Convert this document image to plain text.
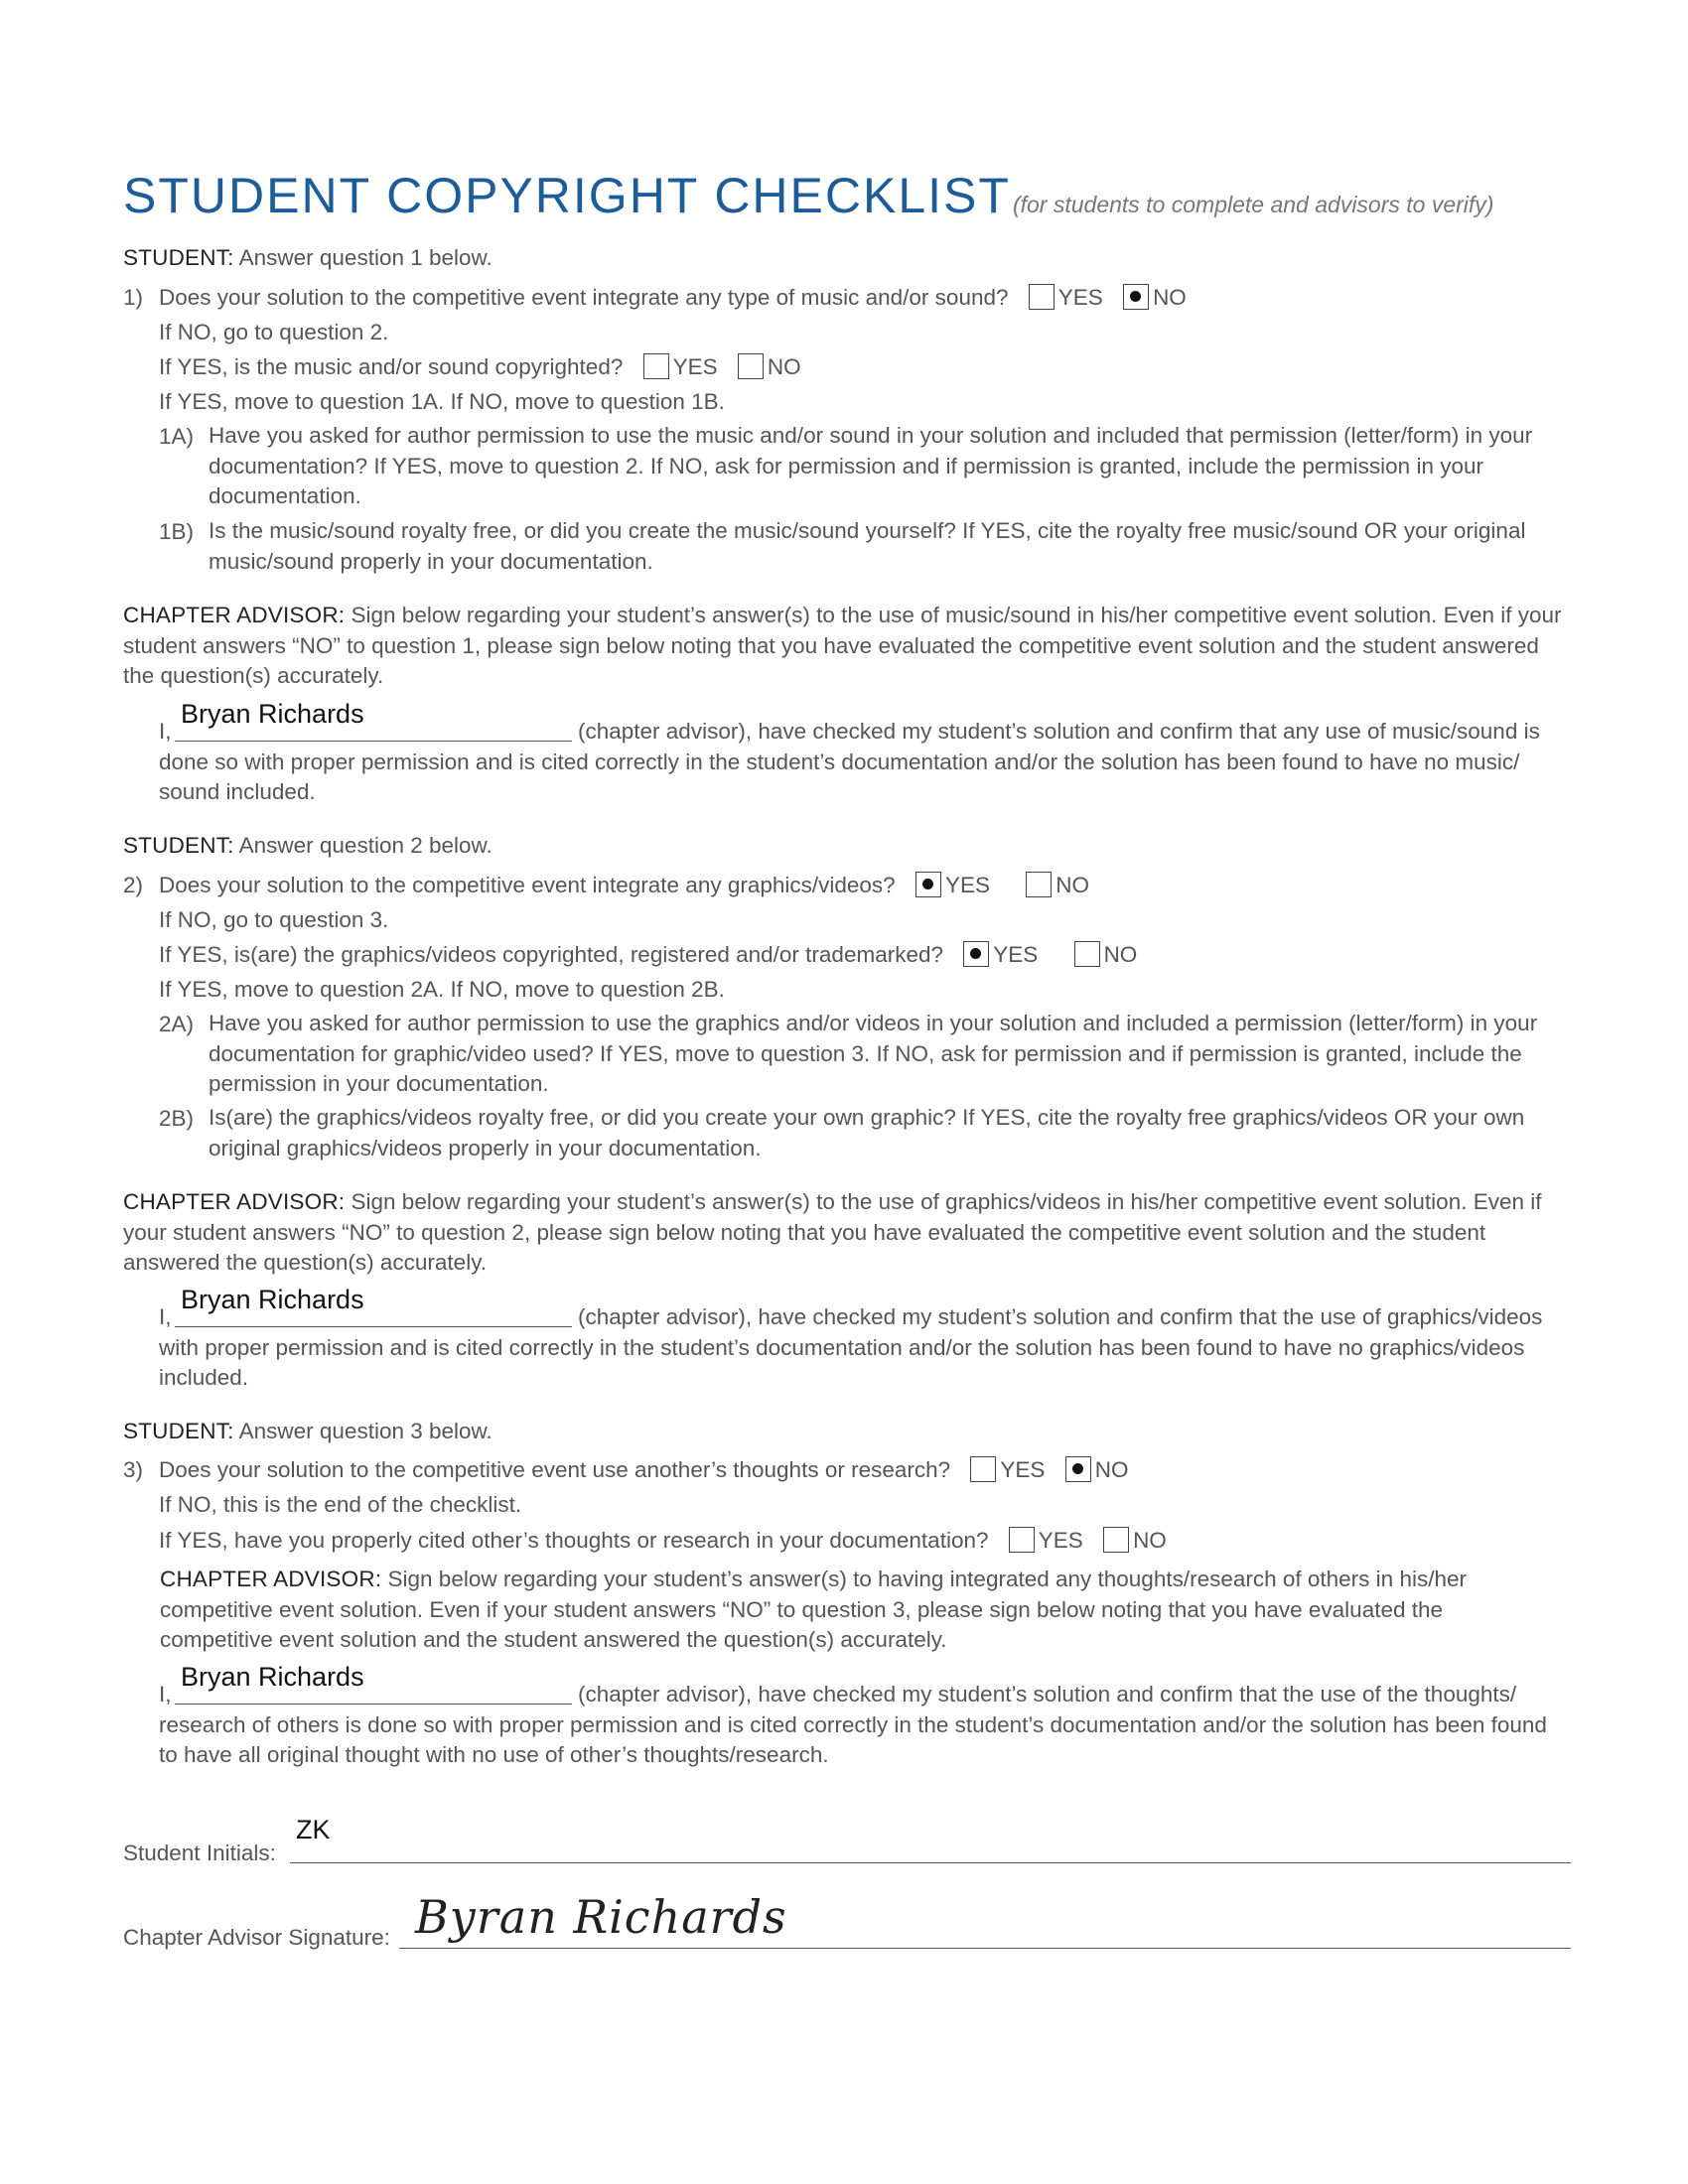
STUDENT COPYRIGHT CHECKLIST(for students to complete and advisors to verify)
STUDENT: Answer question 1 below.
1) Does your solution to the competitive event integrate any type of music and/or sound? YES NO
If NO, go to question 2.
If YES, is the music and/or sound copyrighted? YES NO
If YES, move to question 1A. If NO, move to question 1B.
1A) Have you asked for author permission to use the music and/or sound in your solution and included that permission (letter/form) in your documentation? If YES, move to question 2. If NO, ask for permission and if permission is granted, include the permission in your documentation.
1B) Is the music/sound royalty free, or did you create the music/sound yourself? If YES, cite the royalty free music/sound OR your original music/sound properly in your documentation.
CHAPTER ADVISOR: Sign below regarding your student’s answer(s) to the use of music/sound in his/her competitive event solution. Even if your student answers “NO” to question 1, please sign below noting that you have evaluated the competitive event solution and the student answered the question(s) accurately.
I,
Bryan Richards
(chapter advisor), have checked my student’s solution and confirm that any use of music/sound is
done so with proper permission and is cited correctly in the student’s documentation and/or the solution has been found to have no music/
sound included.
STUDENT: Answer question 2 below.
2) Does your solution to the competitive event integrate any graphics/videos? YES	NO
If NO, go to question 3.
If YES, is(are) the graphics/videos copyrighted, registered and/or trademarked? YES	NO
If YES, move to question 2A. If NO, move to question 2B.
2A) Have you asked for author permission to use the graphics and/or videos in your solution and included a permission (letter/form) in your documentation for graphic/video used? If YES, move to question 3. If NO, ask for permission and if permission is granted, include the permission in your documentation.
2B) Is(are) the graphics/videos royalty free, or did you create your own graphic? If YES, cite the royalty free graphics/videos OR your own original graphics/videos properly in your documentation.
CHAPTER ADVISOR: Sign below regarding your student’s answer(s) to the use of graphics/videos in his/her competitive event solution. Even if your student answers “NO” to question 2, please sign below noting that you have evaluated the competitive event solution and the student answered the question(s) accurately.
I,
Bryan Richards
(chapter advisor), have checked my student’s solution and confirm that the use of graphics/videos
with proper permission and is cited correctly in the student’s documentation and/or the solution has been found to have no graphics/videos
included.
STUDENT: Answer question 3 below.
3) Does your solution to the competitive event use another’s thoughts or research? YES NO
If NO, this is the end of the checklist.
If YES, have you properly cited other’s thoughts or research in your documentation? YES NO
CHAPTER ADVISOR: Sign below regarding your student’s answer(s) to having integrated any thoughts/research of others in his/her competitive event solution. Even if your student answers “NO” to question 3, please sign below noting that you have evaluated the competitive event solution and the student answered the question(s) accurately.
I,
Bryan Richards
(chapter advisor), have checked my student’s solution and confirm that the use of the thoughts/
research of others is done so with proper permission and is cited correctly in the student’s documentation and/or the solution has been found
to have all original thought with no use of other’s thoughts/research.
Student Initials:
ZK
Chapter Advisor Signature: Byran Richards
